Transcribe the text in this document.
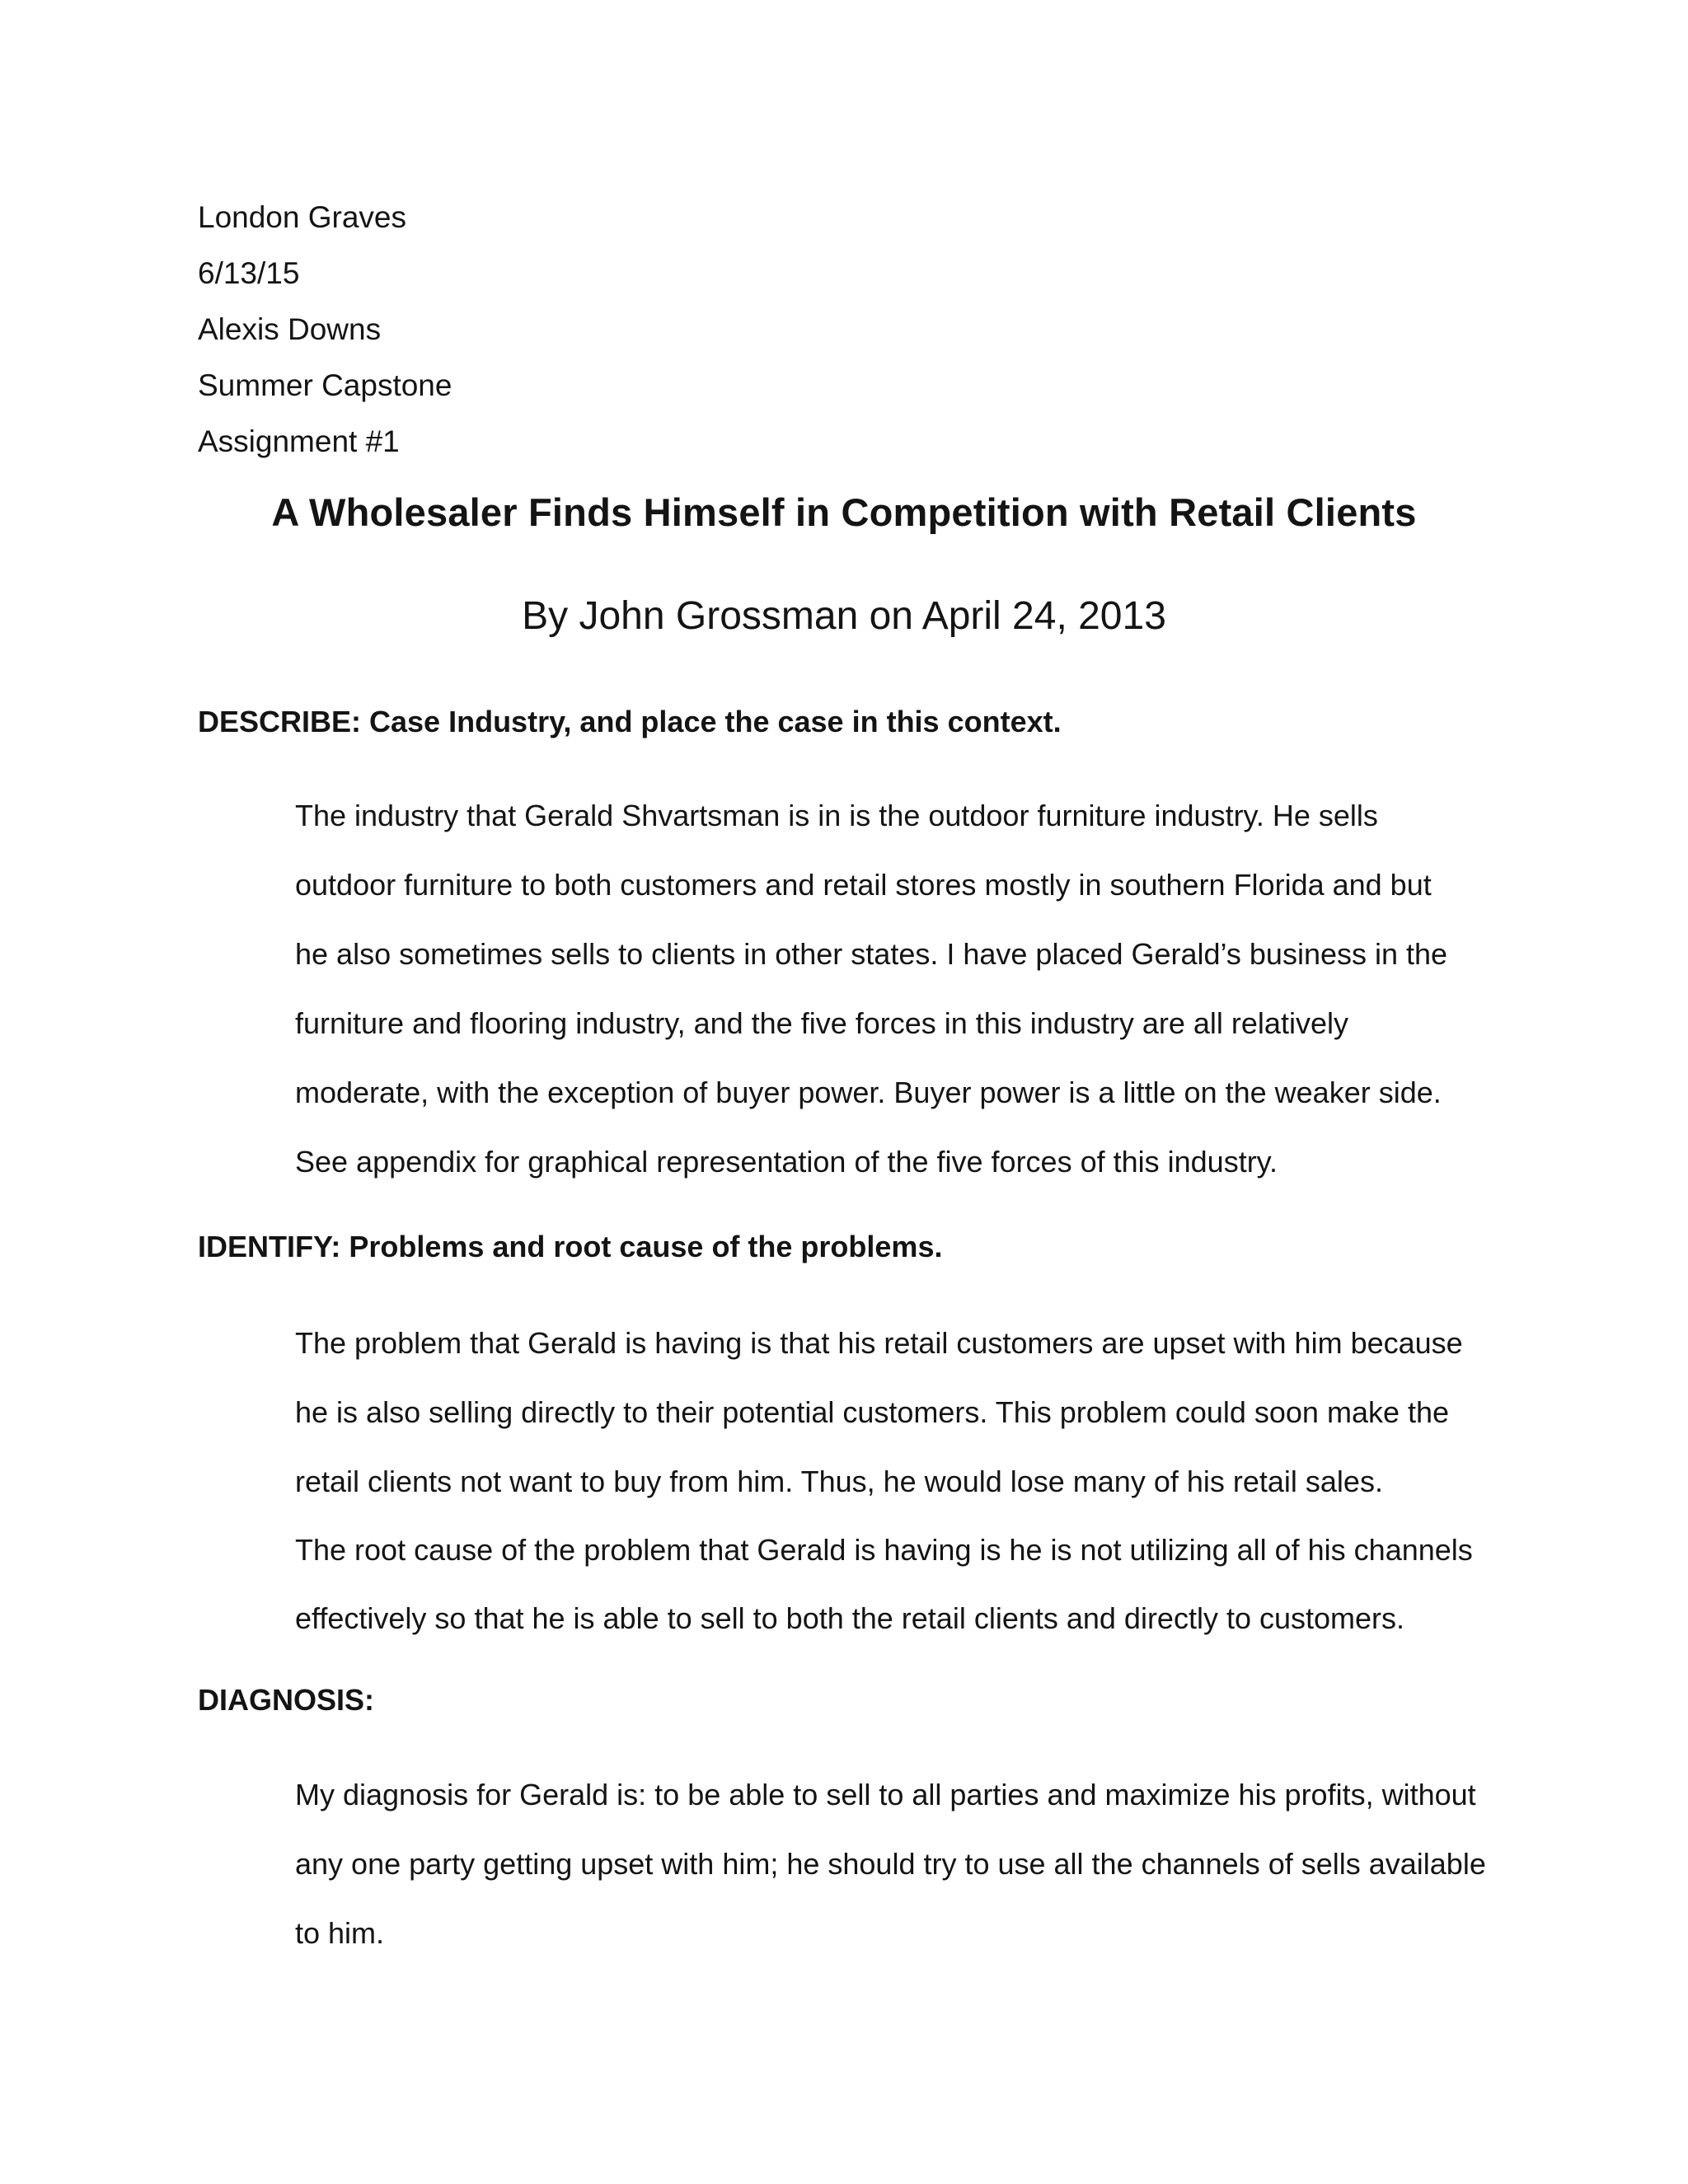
London Graves
6/13/15
Alexis Downs
Summer Capstone
Assignment #1
A Wholesaler Finds Himself in Competition with Retail Clients
By John Grossman on April 24, 2013
DESCRIBE: Case Industry, and place the case in this context.
The industry that Gerald Shvartsman is in is the outdoor furniture industry. He sells
outdoor furniture to both customers and retail stores mostly in southern Florida and but
he also sometimes sells to clients in other states. I have placed Gerald’s business in the
furniture and flooring industry, and the five forces in this industry are all relatively
moderate, with the exception of buyer power. Buyer power is a little on the weaker side.
See appendix for graphical representation of the five forces of this industry.
IDENTIFY: Problems and root cause of the problems.
The problem that Gerald is having is that his retail customers are upset with him because
he is also selling directly to their potential customers. This problem could soon make the
retail clients not want to buy from him. Thus, he would lose many of his retail sales.
The root cause of the problem that Gerald is having is he is not utilizing all of his channels
effectively so that he is able to sell to both the retail clients and directly to customers.
DIAGNOSIS:
My diagnosis for Gerald is: to be able to sell to all parties and maximize his profits, without
any one party getting upset with him; he should try to use all the channels of sells available
to him.
